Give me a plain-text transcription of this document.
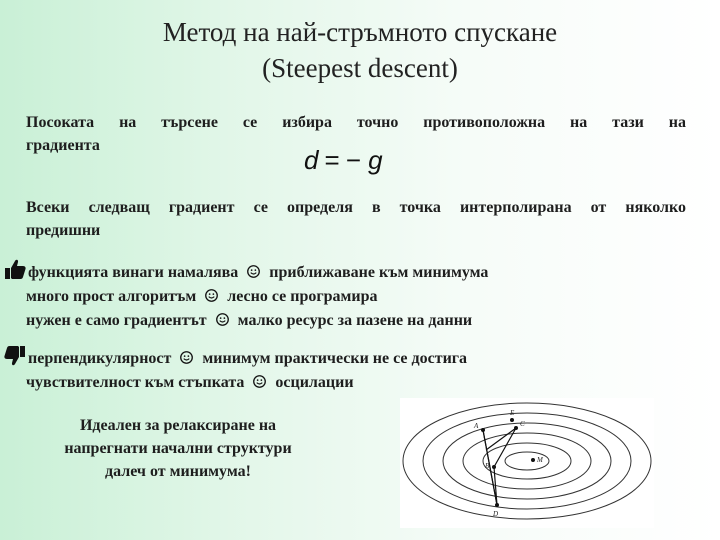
Метод на най-стръмното спускане
(Steepest descent)
Посоката на търсене се избира точно противоположна на тази на
градиента	d = − g
Всеки следващ градиент се определя в точка интерполирана от няколко
предишни
функцията винаги намалява приближаване към минимума
много прост алгоритъм лесно се програмира
нужен е само градиентът малко ресурс за пазене на данни
перпендикулярност минимум практически не се достига
чувствителност към стъпката осцилации
Идеален за релаксиране на
напрегнати начални структури
далеч от минимума!
A
B
C
D
E
M
